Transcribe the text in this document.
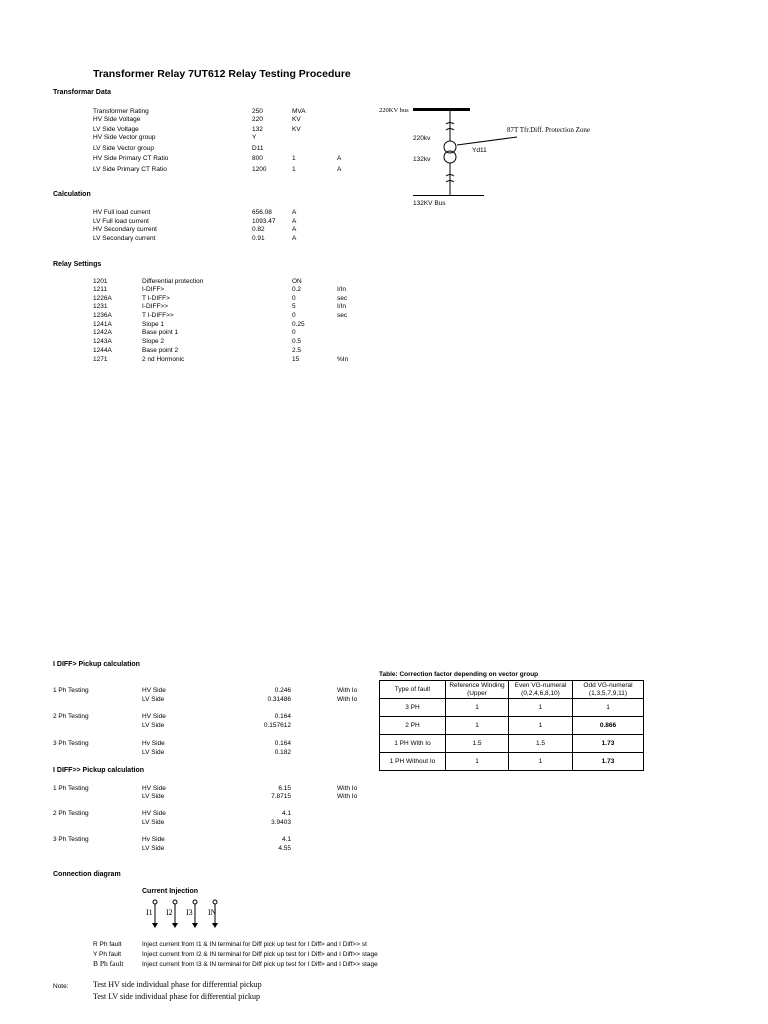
Transformer Relay 7UT612 Relay Testing Procedure
Transformar Data
Transformer Rating	250	MVA
HV Side Voltage	220	KV
LV Side Voltage	132	KV
HV Side Vector group	Y
LV Side Vector group	D11
HV Side Primary CT Ratio	800	1	A
LV Side Primary CT Ratio	1200	1	A
220KV bus
87T Tfr.Diff. Protection Zone
220kv
Yd11
132kv
132KV Bus
Calculation
HV Full load current	656.08	A
LV Full load current	1093.47	A
HV Secondary current	0.82	A
LV Secondary current	0.91	A
Relay Settings
1201	Differential protection	ON
1211	I-DIFF>	0.2	I/In
1226A	T I-DIFF>	0	sec
1231	I-DIFF>>	5	I/In
1236A	T I-DIFF>>	0	sec
1241A	Slope 1	0.25
1242A	Base point 1	0
1243A	Slope 2	0.5
1244A	Base point 2	2.5
1271	2 nd Hormonic	15	%In
I DIFF> Pickup calculation
1 Ph Testing	HV Side	0.246	With Io
LV Side	0.31486	With Io
2 Ph Testing	HV Side	0.164
LV Side	0.157612
3 Ph Testing	Hv Side	0.164
LV Side	0.182
I DIFF>> Pickup calculation
1 Ph Testing	HV Side	6.15	With Io
LV Side	7.8715	With Io
2 Ph Testing	HV Side	4.1
LV Side	3.9403
3 Ph Testing	Hv Side	4.1
LV Side	4.55
Table: Correction factor depending on vector group
Type of fault	Reference Winding (Upper	Even VG-numeral (0,2,4,6,8,10)	Odd VG-numeral (1,3,5,7,9,11)
3 PH	1	1	1
2 PH	1	1	0.866
1 PH With Io	1.5	1.5	1.73
1 PH Without Io	1	1	1.73
Connection diagram
Current Injection
I1 I2 I3 IN
R Ph fault	Inject current from I1 & IN terminal for Diff pick up test for I Diff> and I Diff>> st
Y Ph fault	Inject current from I2 & IN terminal for Diff pick up test for I Diff> and I Diff>> stage
B Ph fault	Inject current from I3 & IN terminal for Diff pick up test for I Diff> and I Diff>> stage
Note:	Test HV side individual phase for differential pickup
Test LV side individual phase for differential pickup
